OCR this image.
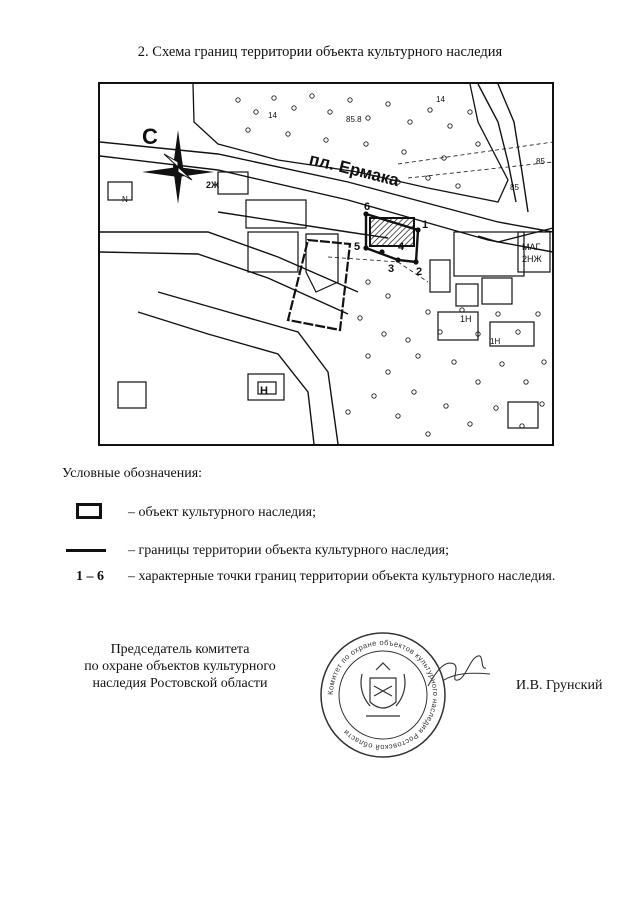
2. Схема границ территории объекта культурного наследия
1
2
3
4
5
6
пл. Ермака
2Ж
МАГ
2НЖ
Н
1Н
14
85
85.8
85
14
1Н
N
С
Условные обозначения:
– объект культурного наследия;
– границы территории объекта культурного наследия;
1 – 6 – характерные точки границ территории объекта культурного наследия.
Председатель комитета
по охране объектов культурного
наследия Ростовской области
Комитет по охране объектов культурного наследия Ростовской области
И.В. Грунский
